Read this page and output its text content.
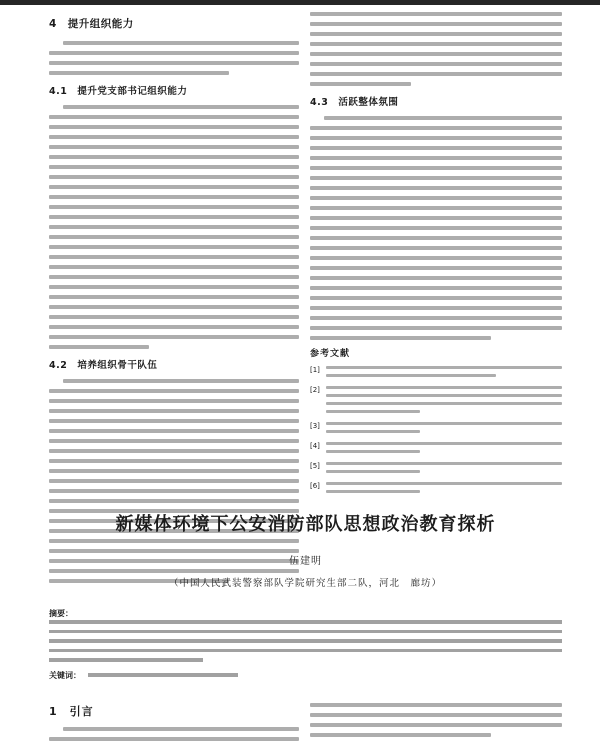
4　提升组织能力
4.1　提升党支部书记组织能力
4.2　培养组织骨干队伍
4.3　活跃整体氛围
参考文献
[1]
[2]
[3]
[4]
[5]
[6]
新媒体环境下公安消防部队思想政治教育探析
伍建明
（中国人民武装警察部队学院研究生部二队，河北　廊坊）
摘要：
关键词：
1　引言
